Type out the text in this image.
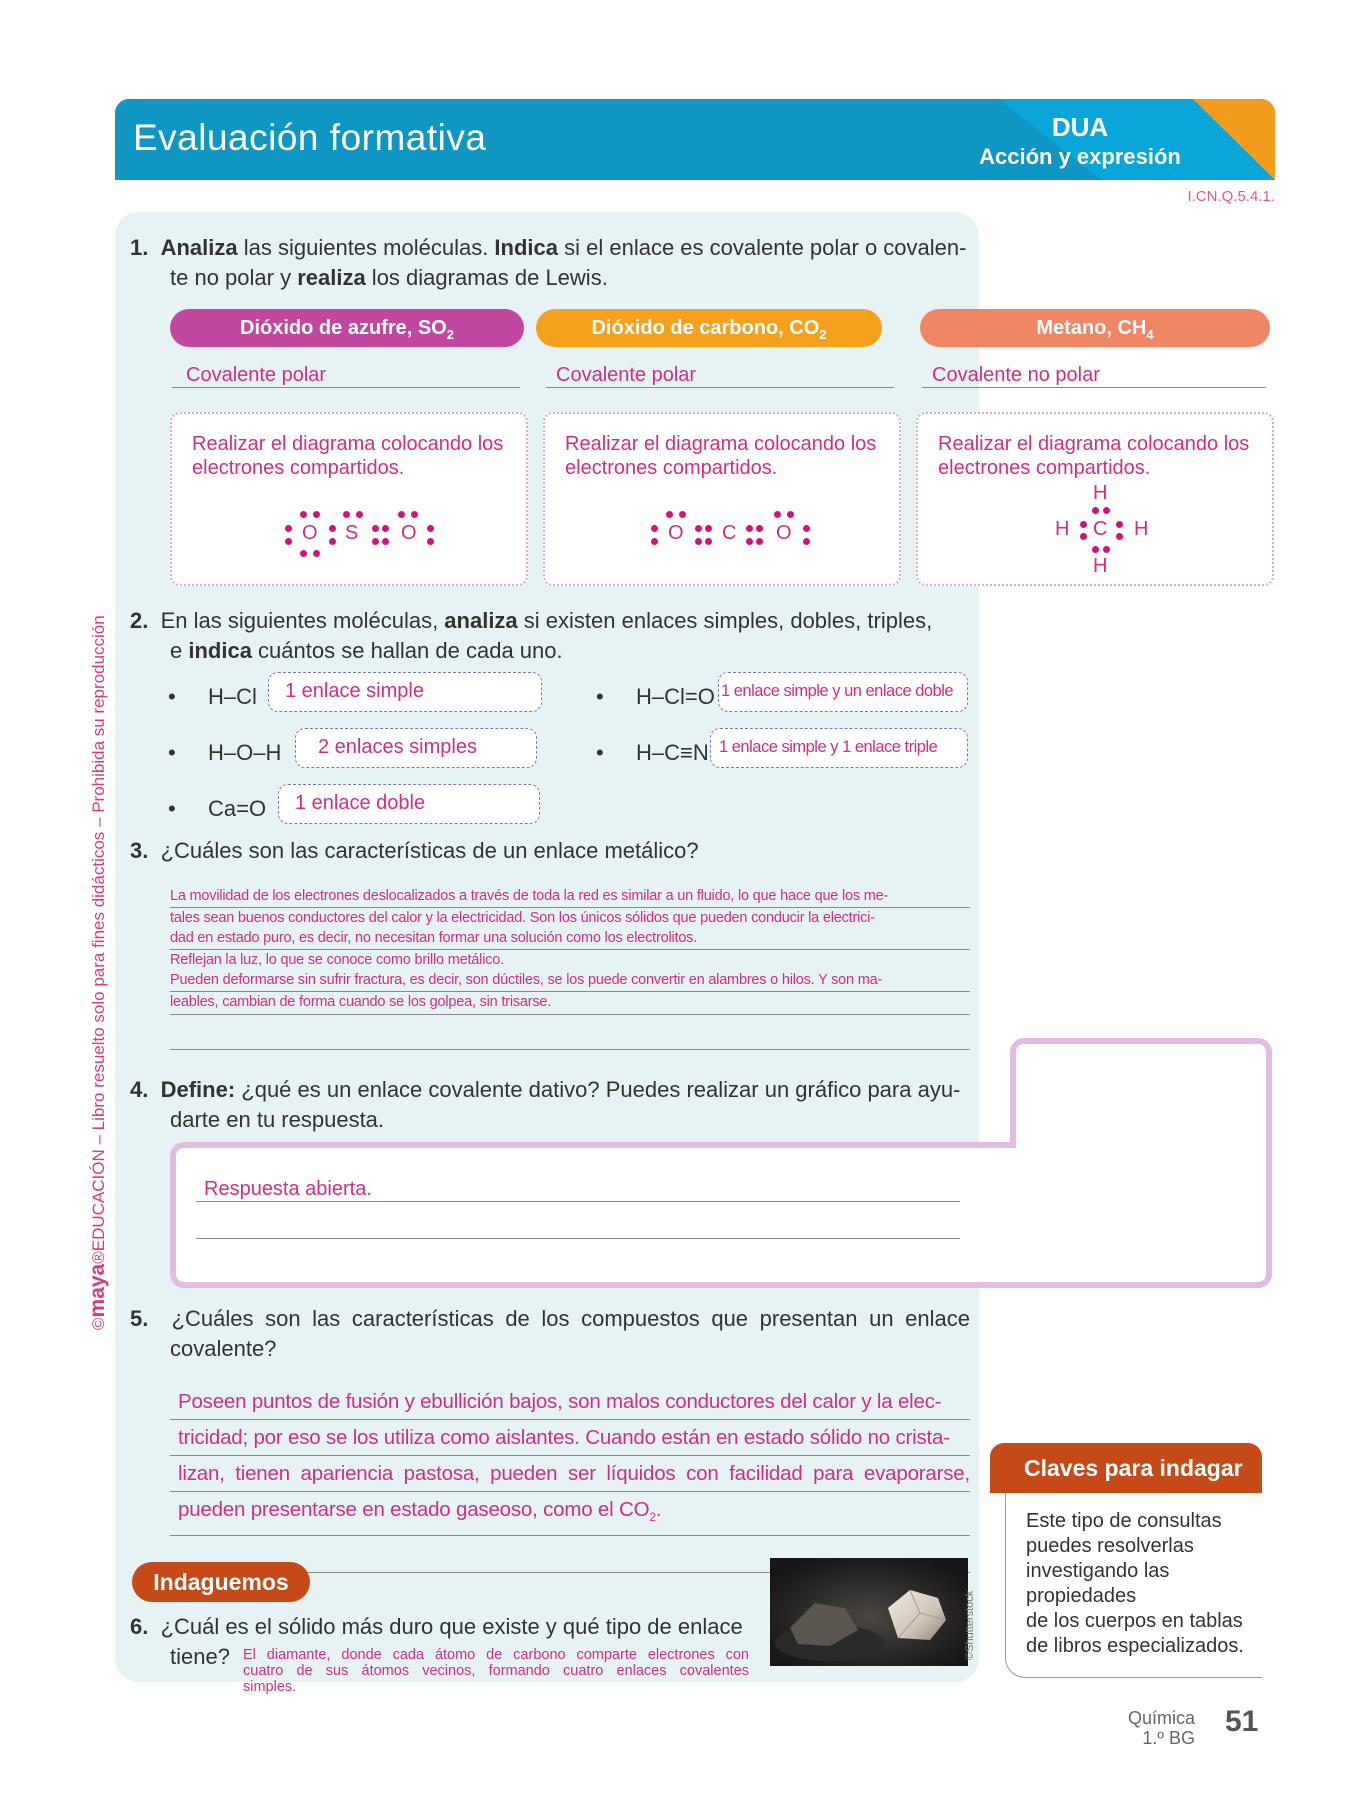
Evaluación formativa	DUA
Acción y expresión
I.CN.Q.5.4.1.
©maya®EDUCACIÓN – Libro resuelto solo para fines didácticos – Prohibida su reproducción
1. Analiza las siguientes moléculas. Indica si el enlace es covalente polar o covalen-
te no polar y realiza los diagramas de Lewis.
Dióxido de azufre, $SO_2$	Dióxido de carbono, $CO_2$	Metano, $CH_4$
Covalente polar	Covalente polar	Covalente no polar
Realizar el diagrama colocando los electrones compartidos.
Realizar el diagrama colocando los electrones compartidos.
Realizar el diagrama colocando los electrones compartidos.
O S O	O C O
H
H C H
H
2. En las siguientes moléculas, analiza si existen enlaces simples, dobles, triples,
e indica cuántos se hallan de cada uno.
• H–Cl	1 enlace simple
• H–O–H	2 enlaces simples
• Ca=O	1 enlace doble
• H–Cl=O 1 enlace simple y un enlace doble
• H–C≡N 1 enlace simple y 1 enlace triple
3. ¿Cuáles son las características de un enlace metálico?
La movilidad de los electrones deslocalizados a través de toda la red es similar a un fluido, lo que hace que los me-
tales sean buenos conductores del calor y la electricidad. Son los únicos sólidos que pueden conducir la electrici-
dad en estado puro, es decir, no necesitan formar una solución como los electrolitos.
Reflejan la luz, lo que se conoce como brillo metálico.
Pueden deformarse sin sufrir fractura, es decir, son dúctiles, se los puede convertir en alambres o hilos. Y son ma-
leables, cambian de forma cuando se los golpea, sin trisarse.
4. Define: ¿qué es un enlace covalente dativo? Puedes realizar un gráfico para ayu-
darte en tu respuesta.
Respuesta abierta.
5. ¿Cuáles son las características de los compuestos que presentan un enlace
covalente?
Poseen puntos de fusión y ebullición bajos, son malos conductores del calor y la elec-
tricidad; por eso se los utiliza como aislantes. Cuando están en estado sólido no crista-
lizan, tienen apariencia pastosa, pueden ser líquidos con facilidad para evaporarse,
pueden presentarse en estado gaseoso, como el $CO_2$.
Claves para indagar
Este tipo de consultas
puedes resolverlas
investigando las
propiedades
de los cuerpos en tablas
de libros especializados.
Indaguemos
6. ¿Cuál es el sólido más duro que existe y qué tipo de enlace
tiene? El diamante, donde cada átomo de carbono comparte electrones con
cuatro de sus átomos vecinos, formando cuatro enlaces covalentes
simples.
©Shutterstock
Química
1.º BG 51
